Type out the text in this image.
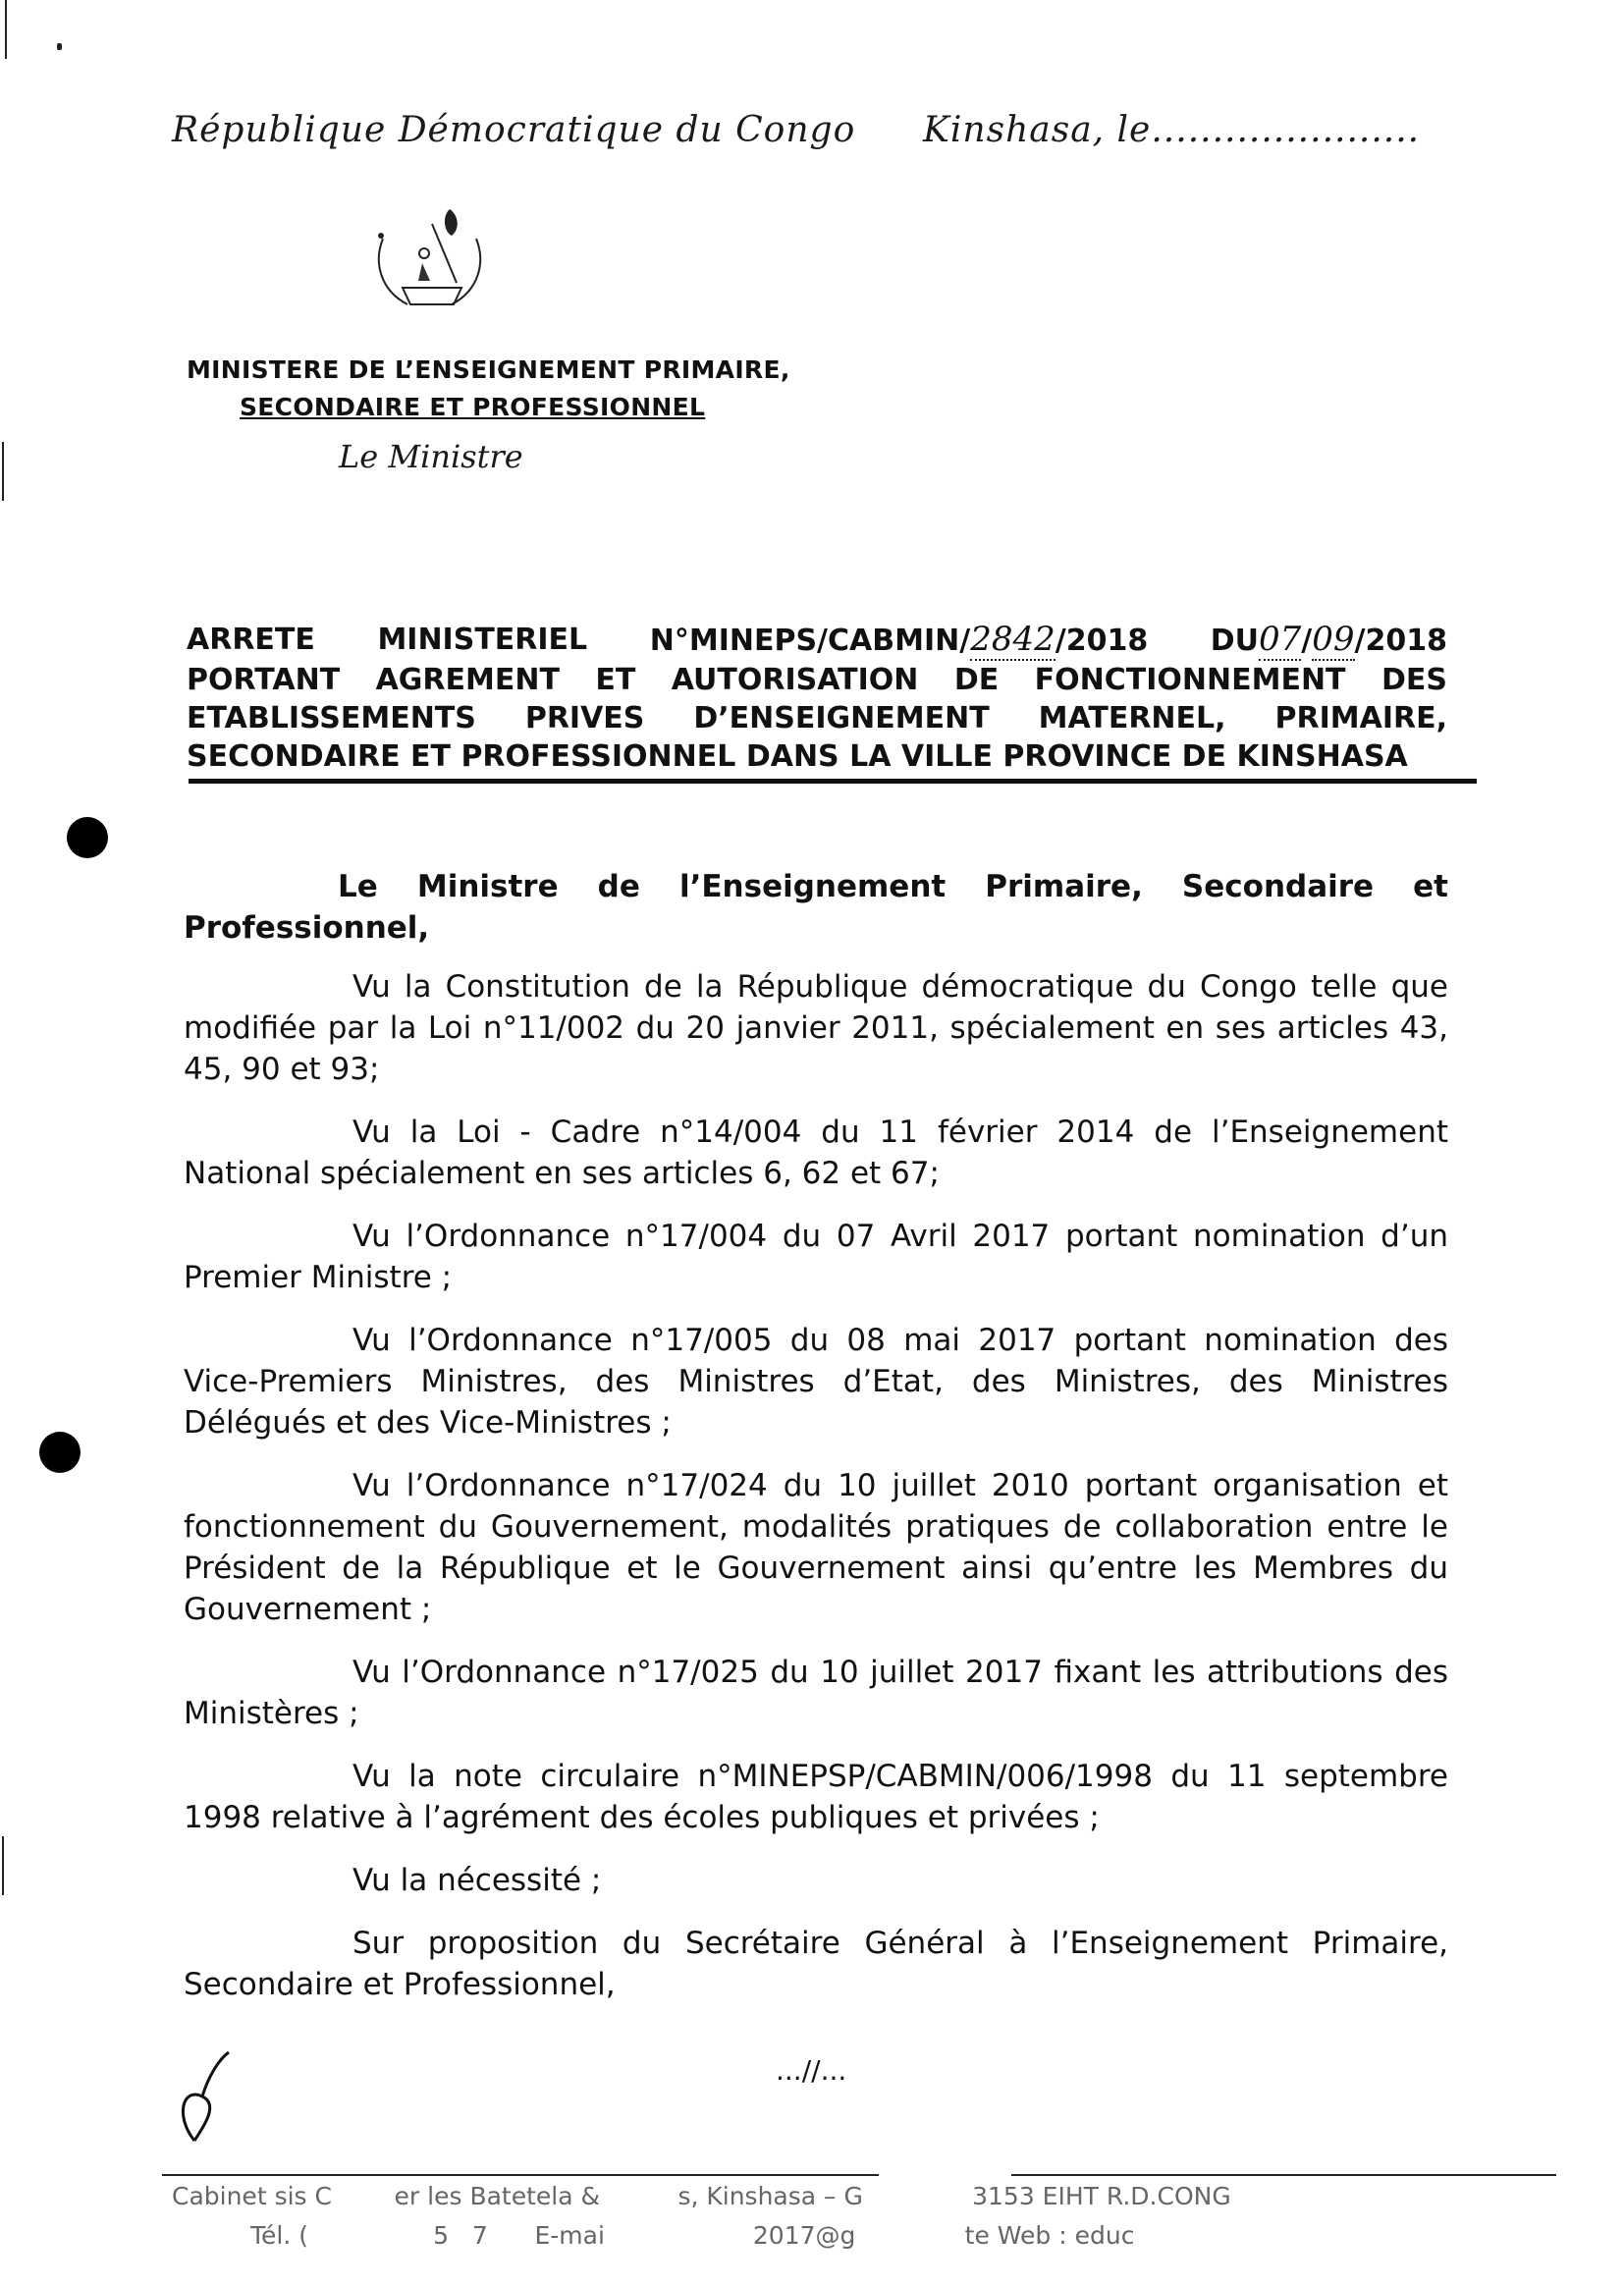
République Démocratique du Congo Kinshasa, le......................
MINISTERE DE L’ENSEIGNEMENT PRIMAIRE,
SECONDAIRE ET PROFESSIONNEL
Le Ministre
ARRETE MINISTERIEL N°MINEPS/CABMIN/2842/2018 DU07/09/2018
PORTANT AGREMENT ET AUTORISATION DE FONCTIONNEMENT DES
ETABLISSEMENTS PRIVES D’ENSEIGNEMENT MATERNEL, PRIMAIRE,
SECONDAIRE ET PROFESSIONNEL DANS LA VILLE PROVINCE DE KINSHASA

Le Ministre de l’Enseignement Primaire, Secondaire et Professionnel,

Vu la Constitution de la République démocratique du Congo telle que modifiée par la Loi n°11/002 du 20 janvier 2011, spécialement en ses articles 43, 45, 90 et 93;

Vu la Loi - Cadre n°14/004 du 11 février 2014 de l’Enseignement National spécialement en ses articles 6, 62 et 67;

Vu l’Ordonnance n°17/004 du 07 Avril 2017 portant nomination d’un Premier Ministre ;

Vu l’Ordonnance n°17/005 du 08 mai 2017 portant nomination des Vice-Premiers Ministres, des Ministres d’Etat, des Ministres, des Ministres Délégués et des Vice-Ministres ;

Vu l’Ordonnance n°17/024 du 10 juillet 2010 portant organisation et fonctionnement du Gouvernement, modalités pratiques de collaboration entre le Président de la République et le Gouvernement ainsi qu’entre les Membres du Gouvernement ;

Vu l’Ordonnance n°17/025 du 10 juillet 2017 fixant les attributions des Ministères ;

Vu la note circulaire n°MINEPSP/CABMIN/006/1998 du 11 septembre 1998 relative à l’agrément des écoles publiques et privées ;

Vu la nécessité ;

Sur proposition du Secrétaire Général à l’Enseignement Primaire, Secondaire et Professionnel,

...//...
Cabinet sis C        er les Batetela &          s, Kinshasa – G              3153 EIHT R.D.CONG
Tél. (                5   7      E-mai                   2017@g              te Web : educ
